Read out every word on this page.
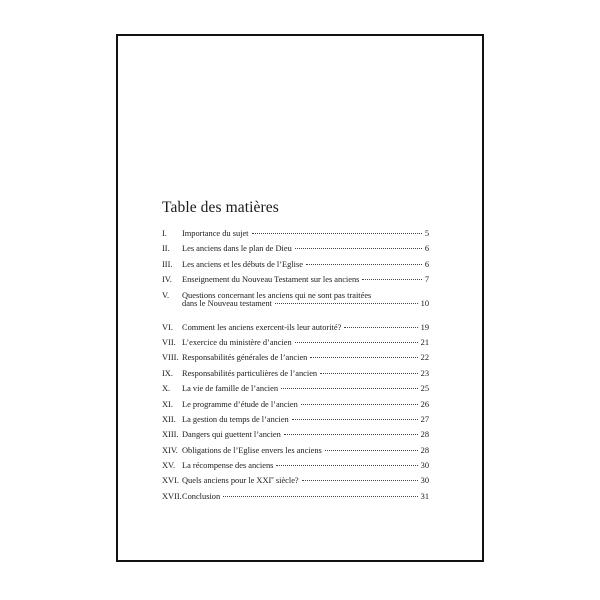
Table des matières
I.	Importance du sujet	5
II.	Les anciens dans le plan de Dieu	6
III.	Les anciens et les débuts de l’Eglise	6
IV.	Enseignement du Nouveau Testament sur les anciens	7
V.	Questions concernant les anciens qui ne sont pas traitées
dans le Nouveau testament	10
VI.	Comment les anciens exercent-ils leur autorité?	19
VII. L’exercice du ministère d’ancien	21
VIII. Responsabilités générales de l’ancien	22
IX.	Responsabilités particulières de l’ancien	23
X.	La vie de famille de l’ancien	25
XI.	Le programme d’étude de l’ancien	26
XII. La gestion du temps de l’ancien	27
XIII. Dangers qui guettent l’ancien	28
XIV. Obligations de l’Eglise envers les anciens	28
XV. La récompense des anciens	30
XVI. Quels anciens pour le XXIe siècle?	30
XVII. Conclusion	31
